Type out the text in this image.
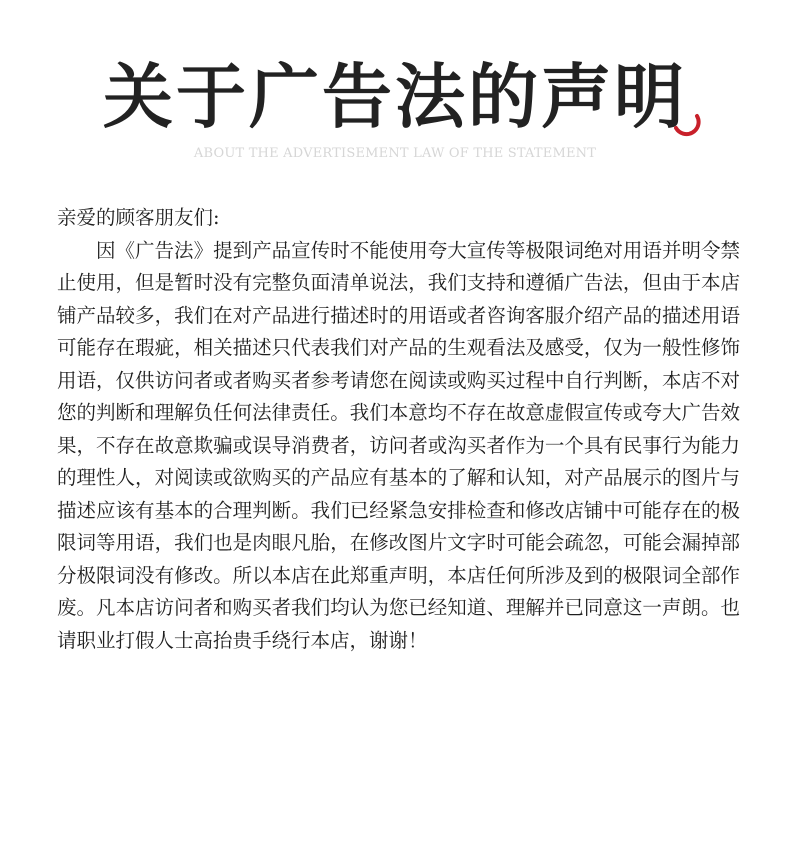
关于广告法的声明
ABOUT THE ADVERTISEMENT LAW OF THE STATEMENT

亲爱的顾客朋友们:

因《广告法》提到产品宣传时不能使用夸大宣传等极限词绝对用语并明令禁止使用，但是暂时没有完整负面清单说法，我们支持和遵循广告法，但由于本店铺产品较多，我们在对产品进行描述时的用语或者咨询客服介绍产品的描述用语可能存在瑕疵，相关描述只代表我们对产品的生观看法及感受，仅为一般性修饰用语，仅供访问者或者购买者参考请您在阅读或购买过程中自行判断，本店不对您的判断和理解负任何法律责任。我们本意均不存在故意虚假宣传或夸大广告效果，不存在故意欺骗或误导消费者，访问者或沟买者作为一个具有民事行为能力的理性人，对阅读或欲购买的产品应有基本的了解和认知，对产品展示的图片与描述应该有基本的合理判断。我们已经紧急安排检查和修改店铺中可能存在的极限词等用语，我们也是肉眼凡胎，在修改图片文字时可能会疏忽，可能会漏掉部分极限词没有修改。所以本店在此郑重声明，本店任何所涉及到的极限词全部作废。凡本店访问者和购买者我们均认为您已经知道、理解并已同意这一声朗。也请职业打假人士高抬贵手绕行本店，谢谢！
